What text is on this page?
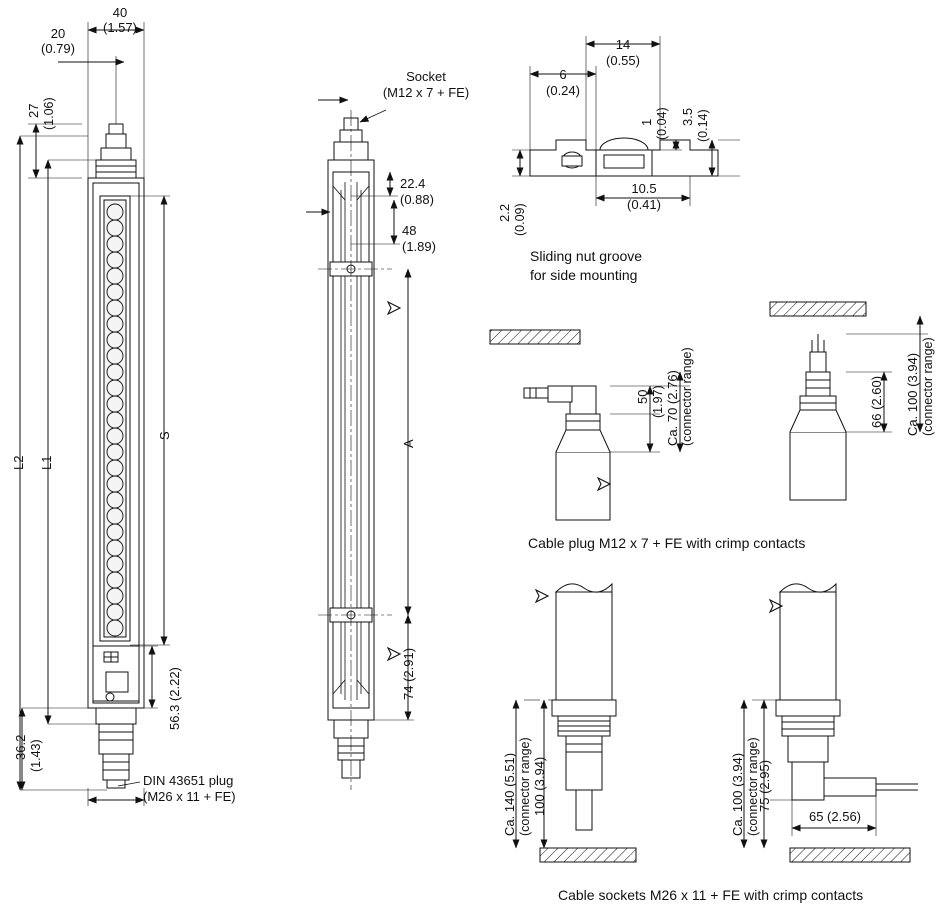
40
(1.57)
20
(0.79)
27 (1.06)
L2 L1
S
56.3 (2.22)
36.2 (1.43)
DIN 43651 plug
(M26 x 11 + FE)
Socket
(M12 x 7 + FE)
22.4
(0.88)
48
(1.89)
A
74 (2.91)
14
(0.55)
6
(0.24)
1 (0.04) 3.5 (0.14)
2.2 (0.09)
10.5
(0.41)
Sliding nut groove
for side mounting
50 (1.97) Ca. 70 (2.76) (connector range)	66 (2.60) Ca. 100 (3.94) (connector range)
Cable plug M12 x 7 + FE with crimp contacts
Ca. 140 (5.51) (connector range) 100 (3.94)	Ca. 100 (3.94) (connector range)
75 (2.95)
65 (2.56)
Cable sockets M26 x 11 + FE with crimp contacts
